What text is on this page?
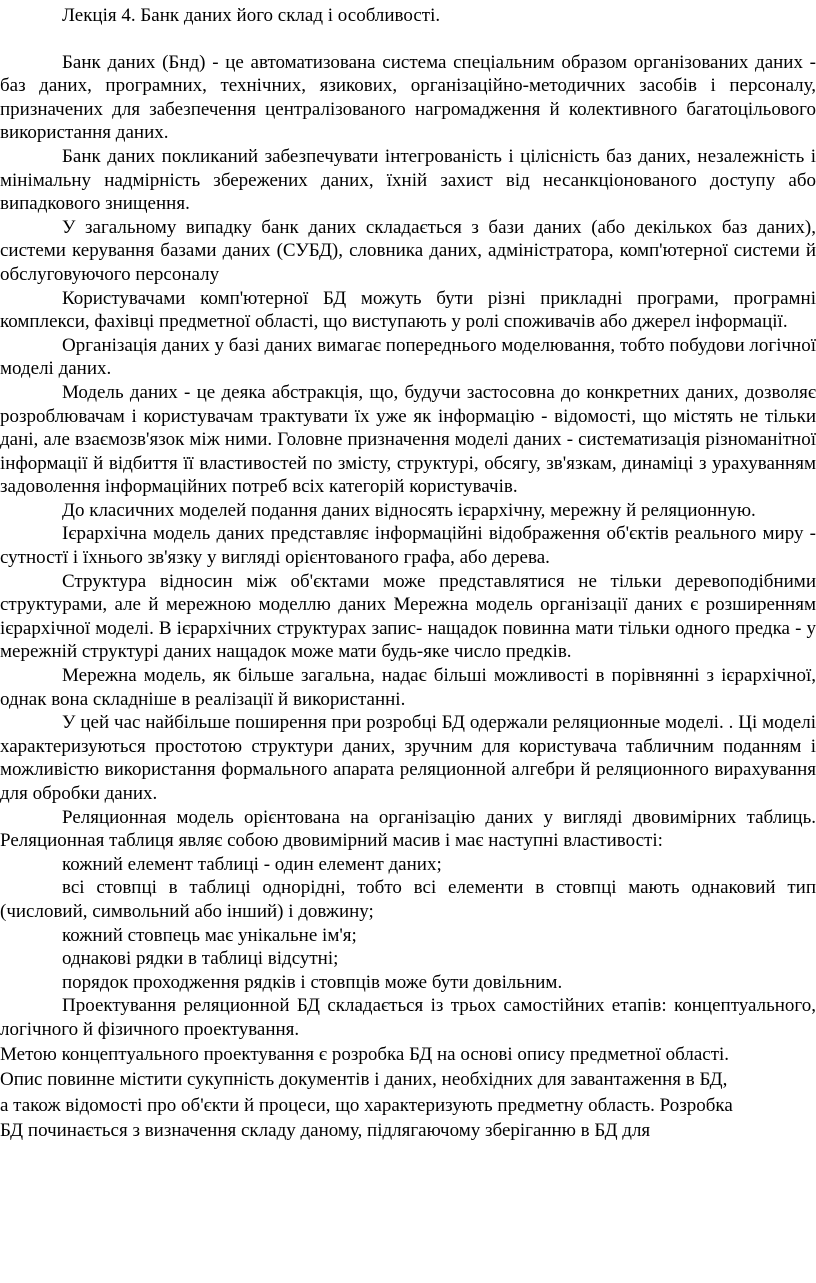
Лекція 4. Банк даних його склад і особливості.

Банк даних (Бнд) - це автоматизована система спеціальним образом організованих даних - баз даних, програмних, технічних, язикових, організаційно-методичних засобів і персоналу, призначених для забезпечення централізованого нагромадження й колективного багатоцільового використання даних.

Банк даних покликаний забезпечувати інтегрованість і цілісність баз даних, незалежність і мінімальну надмірність збережених даних, їхній захист від несанкціонованого доступу або випадкового знищення.

У загальному випадку банк даних складається з бази даних (або декількох баз даних), системи керування базами даних (СУБД), словника даних, адміністратора, комп'ютерної системи й обслуговуючого персоналу

Користувачами комп'ютерної БД можуть бути різні прикладні програми, програмні комплекси, фахівці предметної області, що виступають у ролі споживачів або джерел інформації.

Організація даних у базі даних вимагає попереднього моделювання, тобто побудови логічної моделі даних.

Модель даних - це деяка абстракція, що, будучи застосовна до конкретних даних, дозволяє розроблювачам і користувачам трактувати їх уже як інформацію - відомості, що містять не тільки дані, але взаємозв'язок між ними. Головне призначення моделі даних - систематизація різноманітної інформації й відбиття її властивостей по змісту, структурі, обсягу, зв'язкам, динаміці з урахуванням задоволення інформаційних потреб всіх категорій користувачів.

До класичних моделей подання даних відносять ієрархічну, мережну й реляционную.

Ієрархічна модель даних представляє інформаційні відображення об'єктів реального миру - сутностї і їхнього зв'язку у вигляді орієнтованого графа, або дерева.

Структура відносин між об'єктами може представлятися не тільки деревоподібними структурами, але й мережною моделлю даних Мережна модель організації даних є розширенням ієрархічної моделі. В ієрархічних структурах запис- нащадок повинна мати тільки одного предка - у мережній структурі даних нащадок може мати будь-яке число предків.

Мережна модель, як більше загальна, надає більші можливості в порівнянні з ієрархічної, однак вона складніше в реалізації й використанні.

У цей час найбільше поширення при розробці БД одержали реляционные моделі. . Ці моделі характеризуються простотою структури даних, зручним для користувача табличним поданням і можливістю використання формального апарата реляционной алгебри й реляционного вирахування для обробки даних.

Реляционная модель орієнтована на організацію даних у вигляді двовимірних таблиць. Реляционная таблиця являє собою двовимірний масив і має наступні властивості:

кожний елемент таблиці - один елемент даних;

всі стовпці в таблиці однорідні, тобто всі елементи в стовпці мають однаковий тип (числовий, символьний або інший) і довжину;

кожний стовпець має унікальне ім'я;

однакові рядки в таблиці відсутні;

порядок проходження рядків і стовпців може бути довільним.

Проектування реляционной БД складається із трьох самостійних етапів: концептуального, логічного й фізичного проектування.

Метою концептуального проектування є розробка БД на основі опису предметної області.

Опис повинне містити сукупність документів і даних, необхідних для завантаження в БД,

а також відомості про об'єкти й процеси, що характеризують предметну область. Розробка

БД починається з визначення складу даному, підлягаючому зберіганню в БД для
